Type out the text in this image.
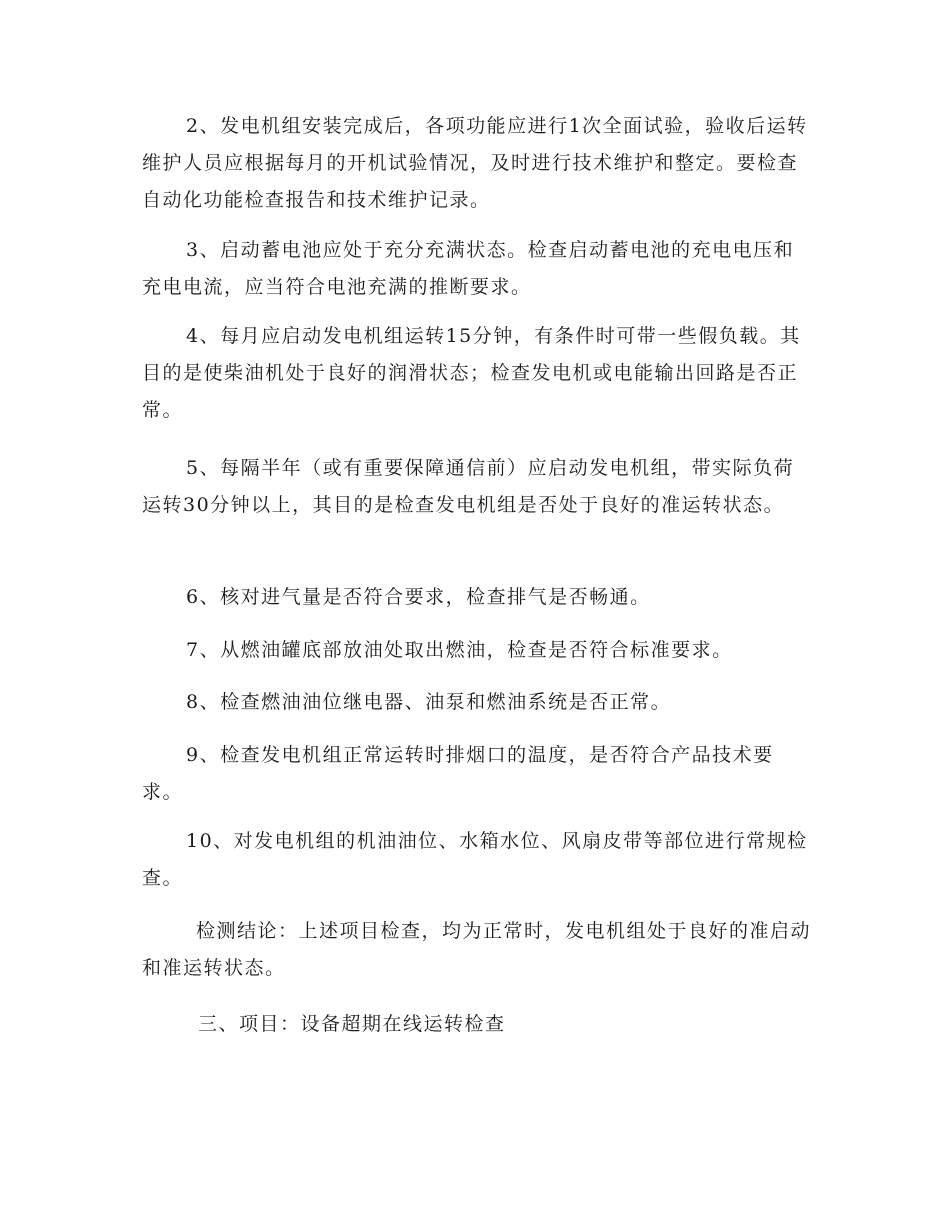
2、发电机组安装完成后，各项功能应进行1次全面试验，验收后运转维护人员应根据每月的开机试验情况，及时进行技术维护和整定。要检查自动化功能检查报告和技术维护记录。

3、启动蓄电池应处于充分充满状态。检查启动蓄电池的充电电压和充电电流，应当符合电池充满的推断要求。

4、每月应启动发电机组运转15分钟，有条件时可带一些假负载。其目的是使柴油机处于良好的润滑状态；检查发电机或电能输出回路是否正常。

5、每隔半年（或有重要保障通信前）应启动发电机组，带实际负荷运转30分钟以上，其目的是检查发电机组是否处于良好的准运转状态。

6、核对进气量是否符合要求，检查排气是否畅通。

7、从燃油罐底部放油处取出燃油，检查是否符合标准要求。

8、检查燃油油位继电器、油泵和燃油系统是否正常。

9、检查发电机组正常运转时排烟口的温度，是否符合产品技术要求。

10、对发电机组的机油油位、水箱水位、风扇皮带等部位进行常规检查。

检测结论：上述项目检查，均为正常时，发电机组处于良好的准启动和准运转状态。

三、项目：设备超期在线运转检查
